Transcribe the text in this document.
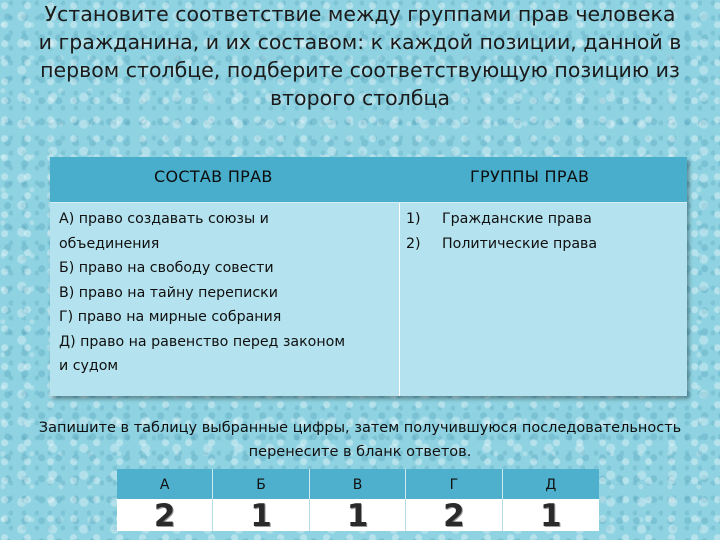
Установите соответствие между группами прав человека
и гражданина, и их составом: к каждой позиции, данной в
первом столбце, подберите соответствующую позицию из
второго столбца
СОСТАВ ПРАВ	ГРУППЫ ПРАВ
А) право создавать союзы и
объединения
Б) право на свободу совести
В) право на тайну переписки
Г) право на мирные собрания
Д) право на равенство перед законом
и судом
1) Гражданские права
2) Политические права
Запишите в таблицу выбранные цифры, затем получившуюся последовательность
перенесите в бланк ответов.
А	Б	В	Г	Д
2	1	1	2	1
